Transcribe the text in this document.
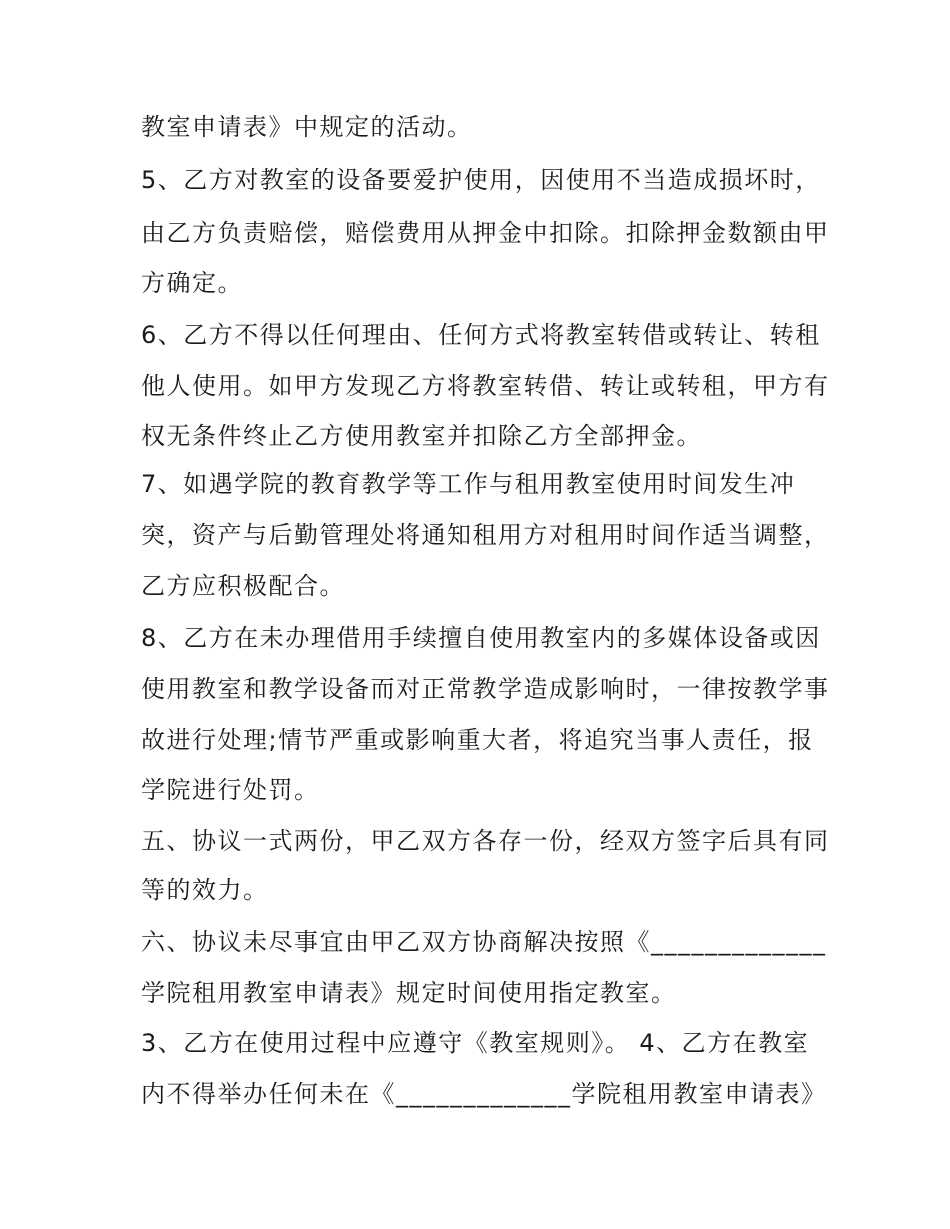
教室申请表》中规定的活动。

5、乙方对教室的设备要爱护使用，因使用不当造成损坏时，

由乙方负责赔偿，赔偿费用从押金中扣除。扣除押金数额由甲

方确定。

6、乙方不得以任何理由、任何方式将教室转借或转让、转租

他人使用。如甲方发现乙方将教室转借、转让或转租，甲方有

权无条件终止乙方使用教室并扣除乙方全部押金。

7、如遇学院的教育教学等工作与租用教室使用时间发生冲

突，资产与后勤管理处将通知租用方对租用时间作适当调整，

乙方应积极配合。

8、乙方在未办理借用手续擅自使用教室内的多媒体设备或因

使用教室和教学设备而对正常教学造成影响时，一律按教学事

故进行处理;情节严重或影响重大者，将追究当事人责任，报

学院进行处罚。

五、协议一式两份，甲乙双方各存一份，经双方签字后具有同

等的效力。

六、协议未尽事宜由甲乙双方协商解决按照《_____________

学院租用教室申请表》规定时间使用指定教室。

3、乙方在使用过程中应遵守《教室规则》。 4、乙方在教室

内不得举办任何未在《_____________学院租用教室申请表》
